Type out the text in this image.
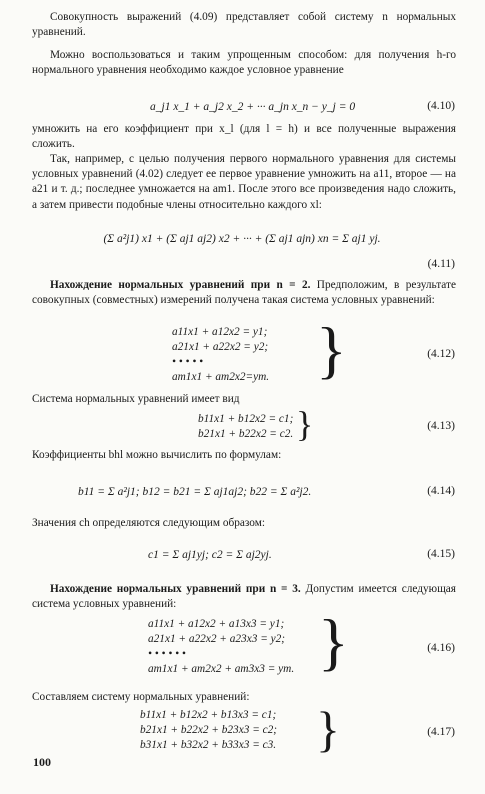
Совокупность выражений (4.09) представляет собой систему n нормальных уравнений.
Можно воспользоваться и таким упрощенным способом: для получения h-го нормального уравнения необходимо каждое условное уравнение
a_j1 x_1 + a_j2 x_2 + ··· a_jn x_n − y_j = 0	(4.10)
умножить на его коэффициент при x_l (для l = h) и все полученные выражения сложить.
Так, например, с целью получения первого нормального уравнения для системы условных уравнений (4.02) следует ее первое уравнение умножить на a11, второе — на a21 и т. д.; последнее умножается на am1. После этого все произведения надо сложить, а затем привести подобные члены относительно каждого xl:
(Σ a²j1) x1 + (Σ aj1 aj2) x2 + ··· + (Σ aj1 ajn) xn = Σ aj1 yj.
(4.11)
Нахождение нормальных уравнений при n = 2. Предположим, в результате совокупных (совместных) измерений получена такая система условных уравнений:
a11x1 + a12x2 = y1;
a21x1 + a22x2 = y2;
• • • • •
am1x1 + am2x2=ym. }	(4.12)
Система нормальных уравнений имеет вид
b11x1 + b12x2 = c1;
b21x1 + b22x2 = c2. }	(4.13)
Коэффициенты bhl можно вычислить по формулам:
b11 = Σ a²j1; b12 = b21 = Σ aj1aj2; b22 = Σ a²j2.	(4.14)
Значения ch определяются следующим образом:
c1 = Σ aj1yj; c2 = Σ aj2yj.	(4.15)
Нахождение нормальных уравнений при n = 3. Допустим имеется следующая система условных уравнений:
a11x1 + a12x2 + a13x3 = y1;
a21x1 + a22x2 + a23x3 = y2;
• • • • • •
am1x1 + am2x2 + am3x3 = ym. }	(4.16)
Составляем систему нормальных уравнений:
b11x1 + b12x2 + b13x3 = c1;
b21x1 + b22x2 + b23x3 = c2;
b31x1 + b32x2 + b33x3 = c3. }	(4.17)
100
